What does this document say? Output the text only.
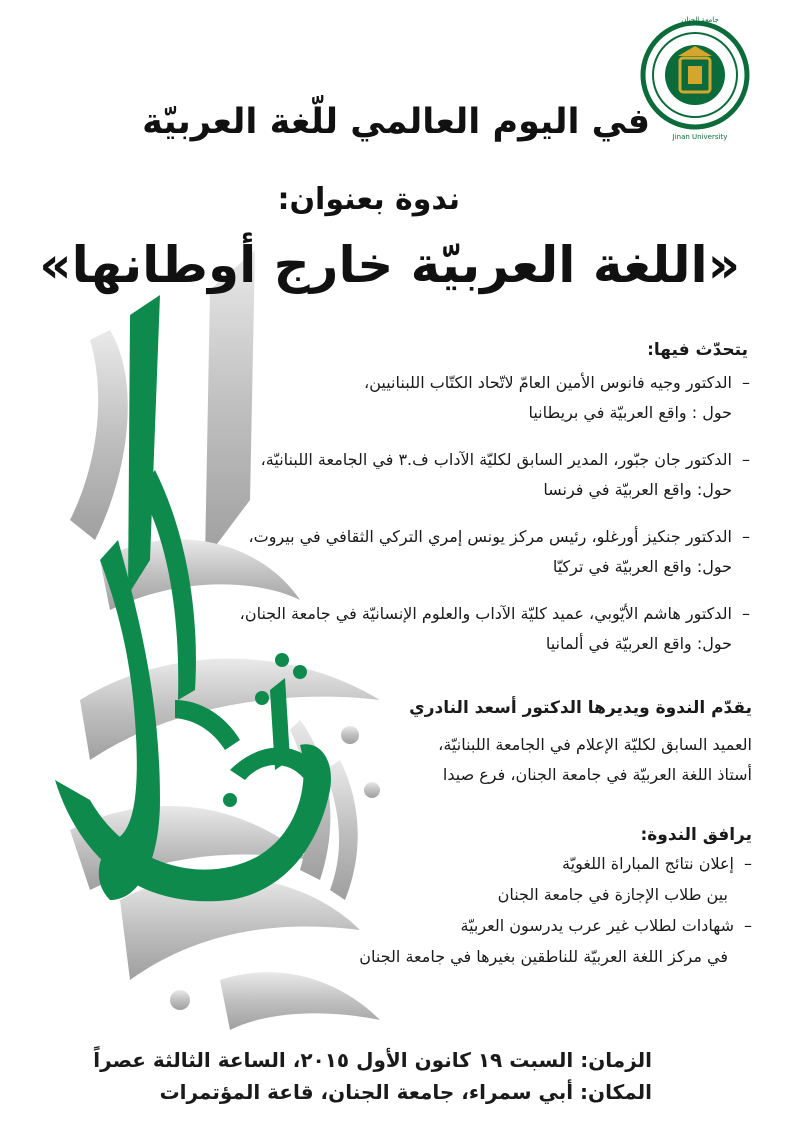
جامعة الجنان
Jinan University
في اليوم العالمي للّغة العربيّة
ندوة بعنوان:
«اللغة العربيّة خارج أوطانها»
يتحدّث فيها:
–الدكتور وجيه فانوس الأمين العامّ لاتّحاد الكتّاب اللبنانيين،
حول : واقع العربيّة في بريطانيا
–الدكتور جان جبّور، المدير السابق لكليّة الآداب ف.٣ في الجامعة اللبنانيّة،
حول: واقع العربيّة في فرنسا
–الدكتور جنكيز أورغلو، رئيس مركز يونس إمري التركي الثقافي في بيروت،
حول: واقع العربيّة في تركيّا
–الدكتور هاشم الأيّوبي، عميد كليّة الآداب والعلوم الإنسانيّة في جامعة الجنان،
حول: واقع العربيّة في ألمانيا
يقدّم الندوة ويديرها الدكتور أسعد النادري
العميد السابق لكليّة الإعلام في الجامعة اللبنانيّة،
أستاذ اللغة العربيّة في جامعة الجنان، فرع صيدا
يرافق الندوة:
–إعلان نتائج المباراة اللغويّة
بين طلاب الإجازة في جامعة الجنان
–شهادات لطلاب غير عرب يدرسون العربيّة
في مركز اللغة العربيّة للناطقين بغيرها في جامعة الجنان
الزمان: السبت ١٩ كانون الأول ٢٠١٥، الساعة الثالثة عصراً
المكان: أبي سمراء، جامعة الجنان، قاعة المؤتمرات
